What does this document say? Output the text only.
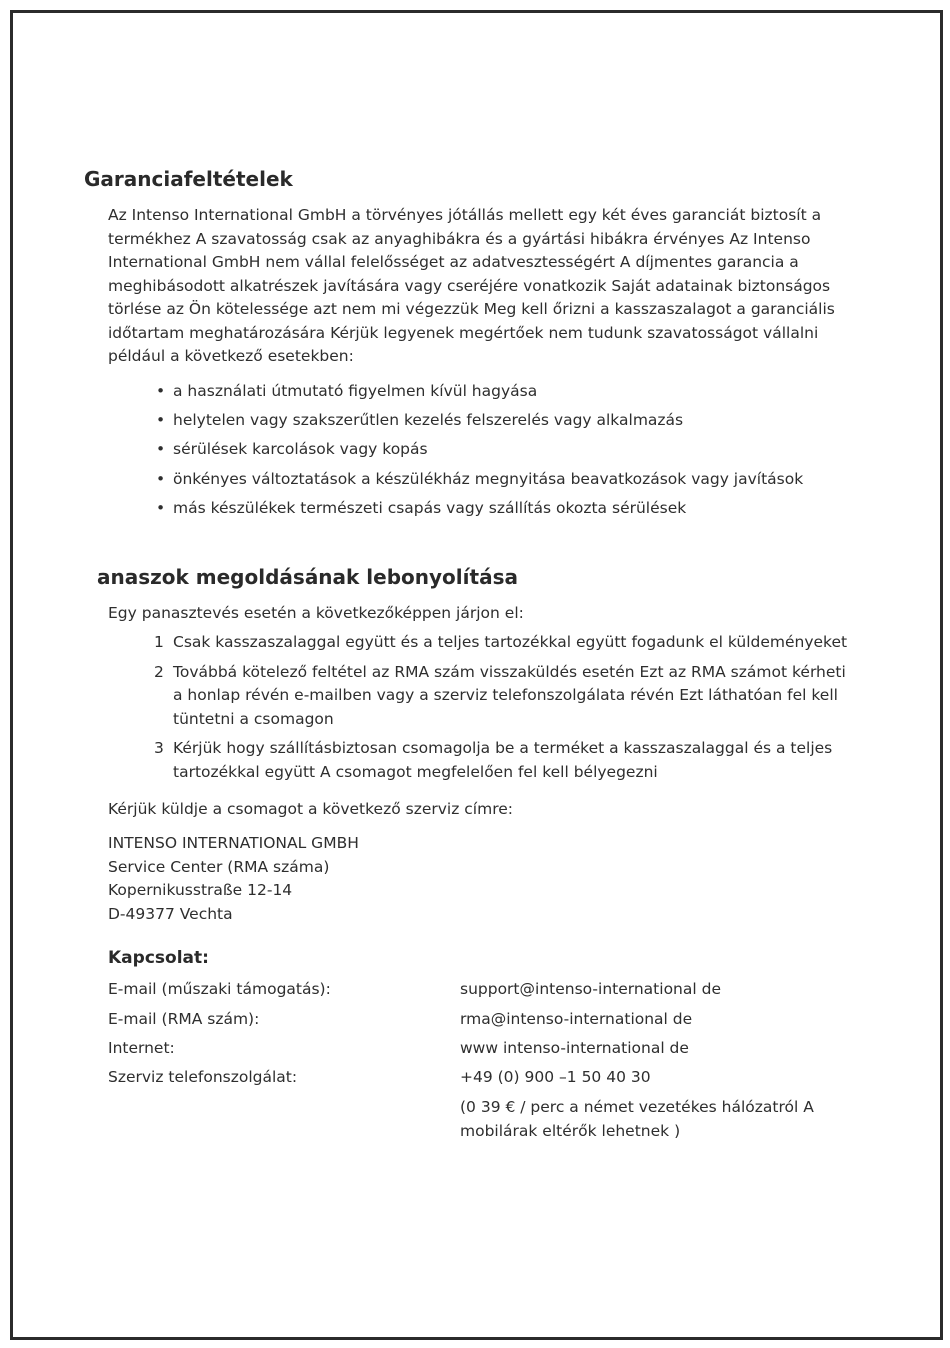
Garanciafeltételek

Az Intenso International GmbH a törvényes jótállás mellett egy két éves garanciát biztosít a termékhez A szavatosság csak az anyaghibákra és a gyártási hibákra érvényes Az Intenso International GmbH nem vállal felelősséget az adatvesztességért A díjmentes garancia a meghibásodott alkatrészek javítására vagy cseréjére vonatkozik Saját adatainak biztonságos törlése az Ön kötelessége azt nem mi végezzük Meg kell őrizni a kasszaszalagot a garanciális időtartam meghatározására Kérjük legyenek megértőek nem tudunk szavatosságot vállalni például a következő esetekben:

• a használati útmutató figyelmen kívül hagyása
• helytelen vagy szakszerűtlen kezelés felszerelés vagy alkalmazás
• sérülések karcolások vagy kopás
• önkényes változtatások a készülékház megnyitása beavatkozások vagy javítások
• más készülékek természeti csapás vagy szállítás okozta sérülések
anaszok megoldásának lebonyolítása

Egy panasztevés esetén a következőképpen járjon el:

1 Csak kasszaszalaggal együtt és a teljes tartozékkal együtt fogadunk el küldeményeket
2 Továbbá kötelező feltétel az RMA szám visszaküldés esetén Ezt az RMA számot kérheti a honlap révén e-mailben vagy a szerviz telefonszolgálata révén Ezt láthatóan fel kell tüntetni a csomagon
3 Kérjük hogy szállításbiztosan csomagolja be a terméket a kasszaszalaggal és a teljes tartozékkal együtt A csomagot megfelelően fel kell bélyegezni

Kérjük küldje a csomagot a következő szerviz címre:

INTENSO INTERNATIONAL GMBH
Service Center (RMA száma)
Kopernikusstraße 12-14
D-49377 Vechta
Kapcsolat:
E-mail (műszaki támogatás):	support@intenso-international de
E-mail (RMA szám):	rma@intenso-international de
Internet:	www intenso-international de
Szerviz telefonszolgálat:	+49 (0) 900 –1 50 40 30
(0 39 € / perc a német vezetékes hálózatról A mobilárak eltérők lehetnek )
